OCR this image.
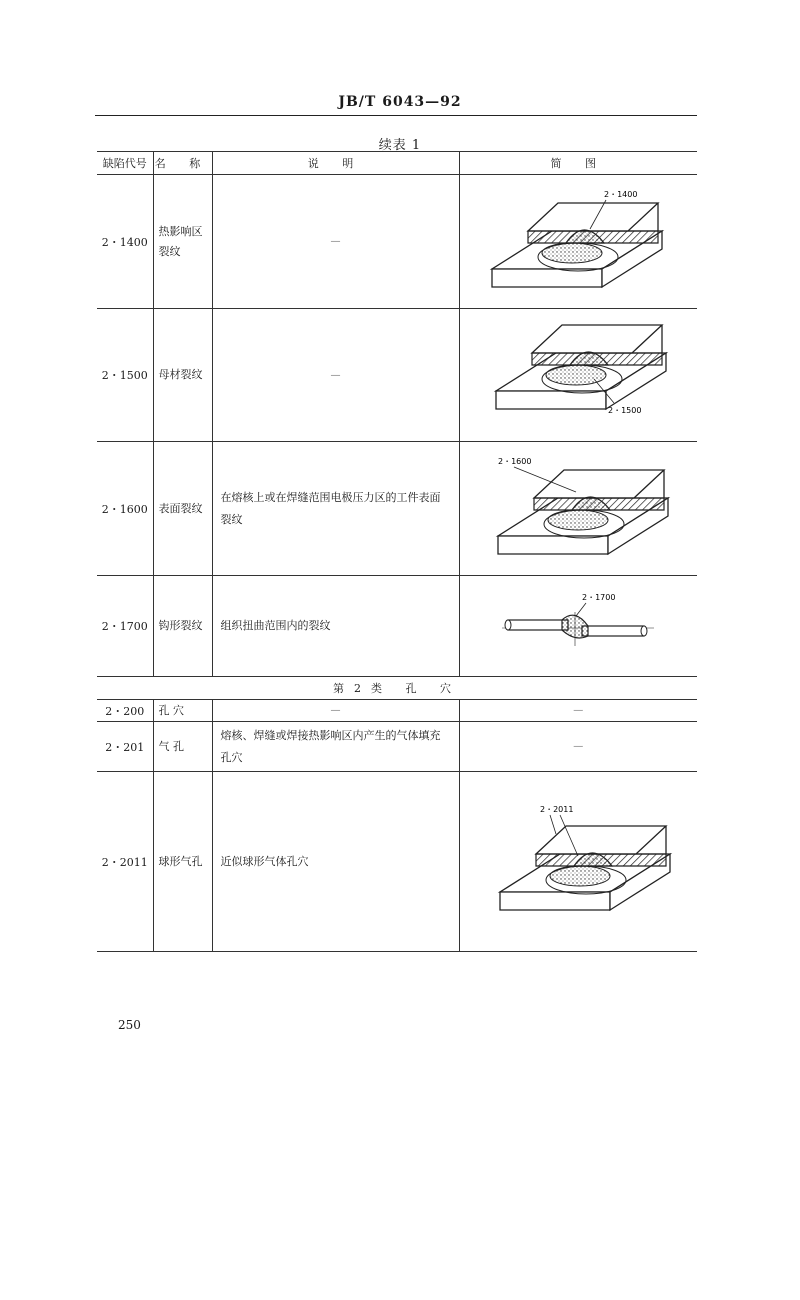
JB/T 6043—92
续表 1
缺陷代号	名 称	说 明	简 图
2・1400	热影响区裂纹	—	2・1400

2・1500	母材裂纹	—	2・1500

2・1600	表面裂纹	在熔核上或在焊缝范围电极压力区的工件表面裂纹	2・1600

2・1700	钩形裂纹	组织扭曲范围内的裂纹	2・1700

第2类 孔 穴			
2・200	孔 穴	—	—
2・201	气 孔	熔核、焊缝或焊接热影响区内产生的气体填充孔穴	—
2・2011	球形气孔	近似球形气体孔穴	2・2011
250
